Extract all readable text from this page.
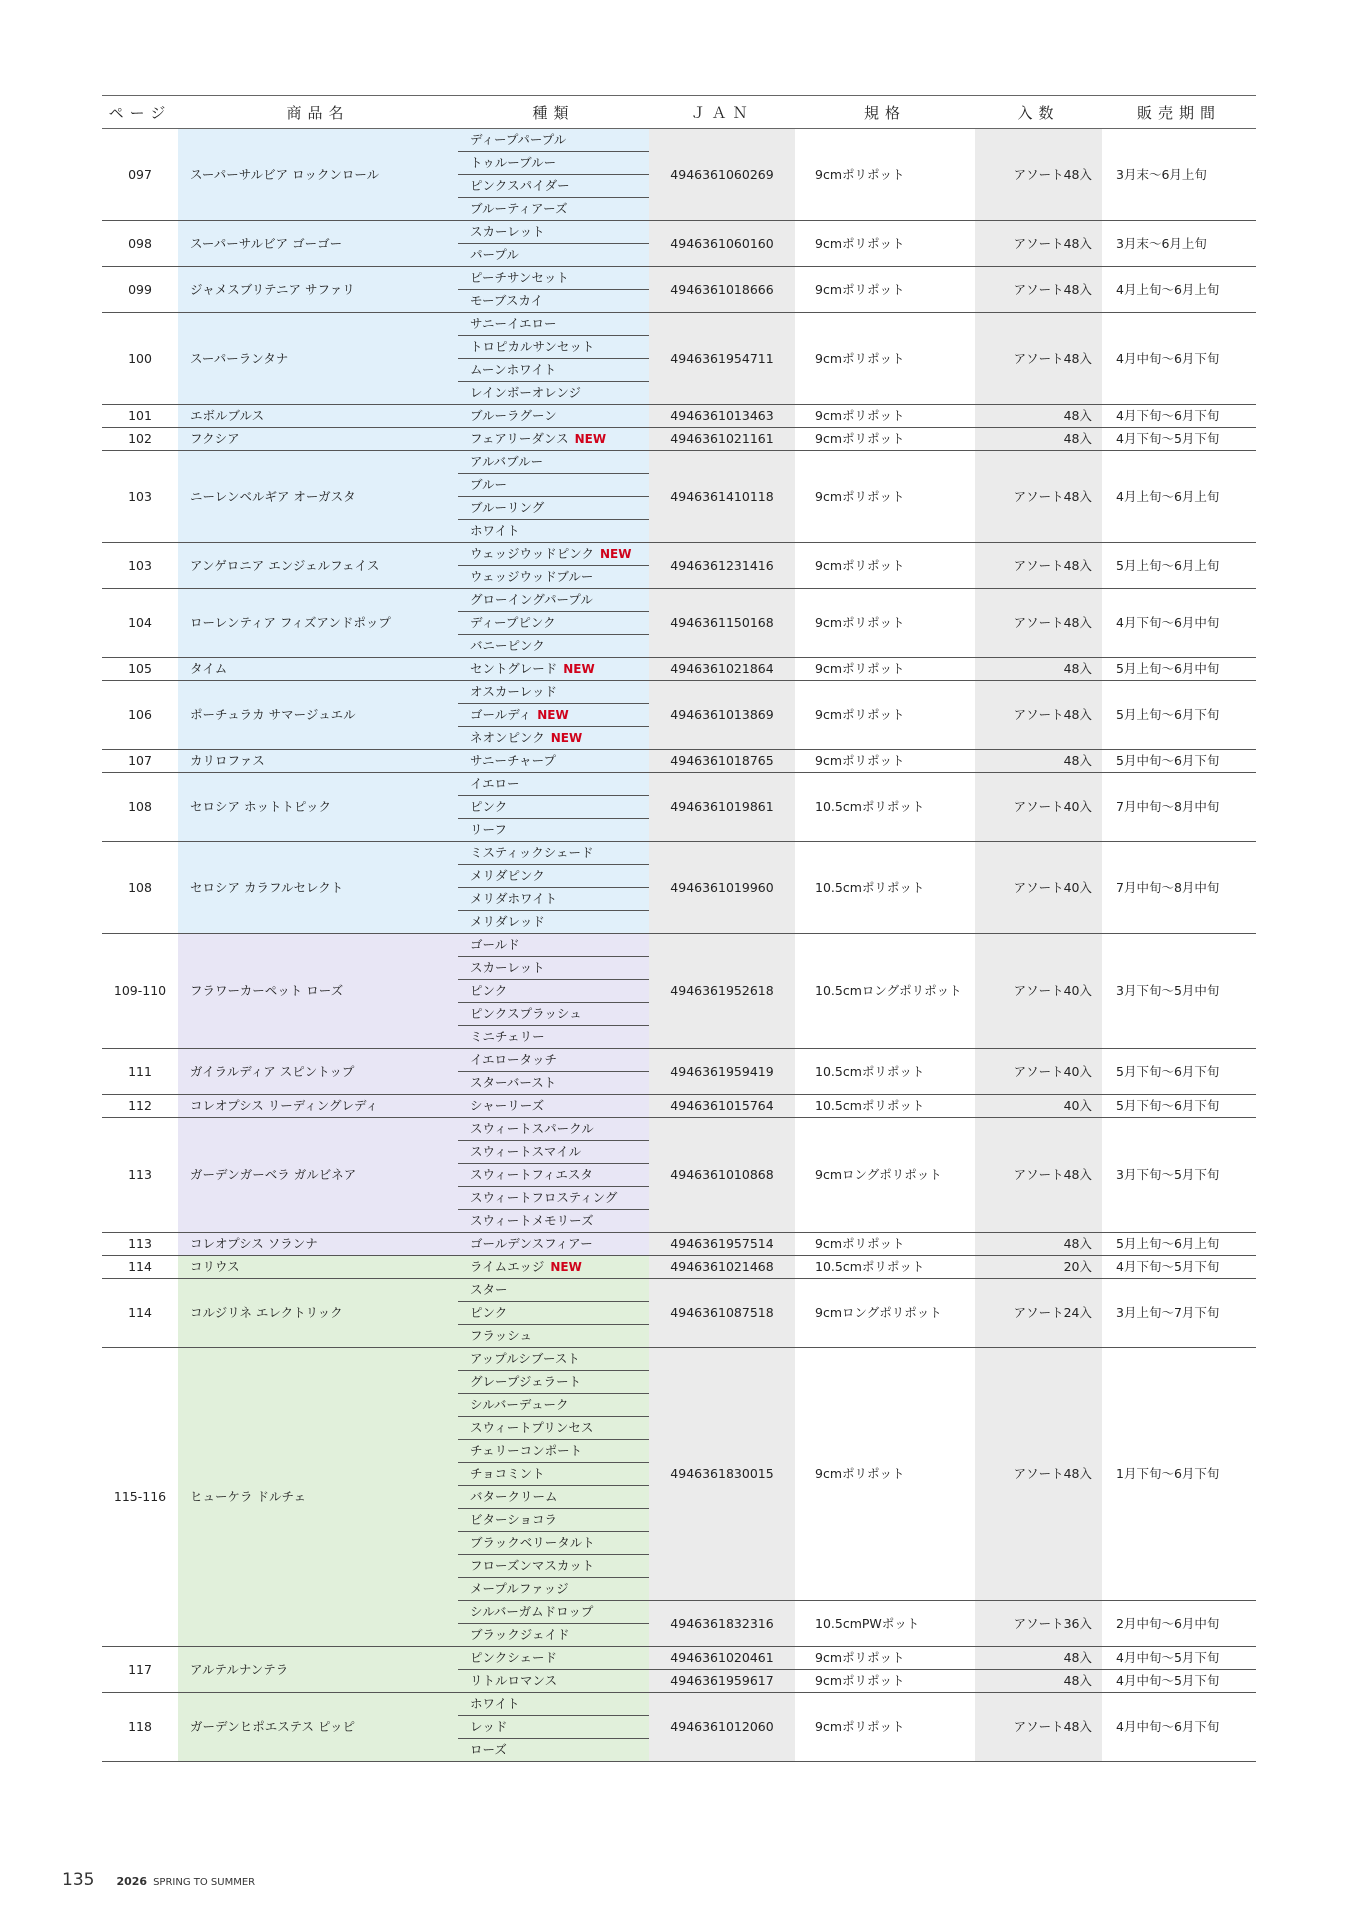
ページ	商品名	種類	ＪＡＮ	規格	入数	販売期間
097	スーパーサルビア ロックンロール	ディープパープル	4946361060269	9cmポリポット	アソート48入	3月末～6月上旬
		トゥルーブルー				
		ピンクスパイダー				
		ブルーティアーズ				
098	スーパーサルビア ゴーゴー	スカーレット	4946361060160	9cmポリポット	アソート48入	3月末～6月上旬
		パープル				
099	ジャメスブリテニア サファリ	ピーチサンセット	4946361018666	9cmポリポット	アソート48入	4月上旬～6月上旬
		モーブスカイ				
100	スーパーランタナ	サニーイエロー	4946361954711	9cmポリポット	アソート48入	4月中旬～6月下旬
		トロピカルサンセット				
		ムーンホワイト				
		レインボーオレンジ				
101	エボルブルス	ブルーラグーン	4946361013463	9cmポリポット	48入	4月下旬～6月下旬
102	フクシア	フェアリーダンス NEW	4946361021161	9cmポリポット	48入	4月下旬～5月下旬
103	ニーレンベルギア オーガスタ	アルバブルー	4946361410118	9cmポリポット	アソート48入	4月上旬～6月上旬
		ブルー				
		ブルーリング				
		ホワイト				
103	アンゲロニア エンジェルフェイス	ウェッジウッドピンク NEW	4946361231416	9cmポリポット	アソート48入	5月上旬～6月上旬
		ウェッジウッドブルー				
104	ローレンティア フィズアンドポップ	グローイングパープル	4946361150168	9cmポリポット	アソート48入	4月下旬～6月中旬
		ディープピンク				
		バニーピンク				
105	タイム	セントグレード NEW	4946361021864	9cmポリポット	48入	5月上旬～6月中旬
106	ポーチュラカ サマージュエル	オスカーレッド	4946361013869	9cmポリポット	アソート48入	5月上旬～6月下旬
		ゴールディ NEW				
		ネオンピンク NEW				
107	カリロファス	サニーチャープ	4946361018765	9cmポリポット	48入	5月中旬～6月下旬
108	セロシア ホットトピック	イエロー	4946361019861	10.5cmポリポット	アソート40入	7月中旬～8月中旬
		ピンク				
		リーフ				
108	セロシア カラフルセレクト	ミスティックシェード	4946361019960	10.5cmポリポット	アソート40入	7月中旬～8月中旬
		メリダピンク				
		メリダホワイト				
		メリダレッド				
109-110	フラワーカーペット ローズ	ゴールド	4946361952618	10.5cmロングポリポット	アソート40入	3月下旬～5月中旬
		スカーレット				
		ピンク				
		ピンクスプラッシュ				
		ミニチェリー				
111	ガイラルディア スピントップ	イエロータッチ	4946361959419	10.5cmポリポット	アソート40入	5月下旬～6月下旬
		スターバースト				
112	コレオプシス リーディングレディ	シャーリーズ	4946361015764	10.5cmポリポット	40入	5月下旬～6月下旬
113	ガーデンガーベラ ガルビネア	スウィートスパークル	4946361010868	9cmロングポリポット	アソート48入	3月下旬～5月下旬
		スウィートスマイル				
		スウィートフィエスタ				
		スウィートフロスティング				
		スウィートメモリーズ				
113	コレオプシス ソランナ	ゴールデンスフィアー	4946361957514	9cmポリポット	48入	5月上旬～6月上旬
114	コリウス	ライムエッジ NEW	4946361021468	10.5cmポリポット	20入	4月下旬～5月下旬
114	コルジリネ エレクトリック	スター	4946361087518	9cmロングポリポット	アソート24入	3月上旬～7月下旬
		ピンク				
		フラッシュ				
115-116	ヒューケラ ドルチェ	アップルシブースト	4946361830015	9cmポリポット	アソート48入	1月下旬～6月下旬
		グレープジェラート				
		シルバーデューク				
		スウィートプリンセス				
		チェリーコンポート				
		チョコミント				
		バタークリーム				
		ビターショコラ				
		ブラックベリータルト				
		フローズンマスカット				
		メープルファッジ				
		シルバーガムドロップ	4946361832316	10.5cmPWポット	アソート36入	2月中旬～6月中旬
		ブラックジェイド				
117	アルテルナンテラ	ピンクシェード	4946361020461	9cmポリポット	48入	4月中旬～5月下旬
		リトルロマンス	4946361959617	9cmポリポット	48入	4月中旬～5月下旬
118	ガーデンヒポエステス ピッピ	ホワイト	4946361012060	9cmポリポット	アソート48入	4月中旬～6月下旬
		レッド				
		ローズ				
135 2026 SPRING TO SUMMER
